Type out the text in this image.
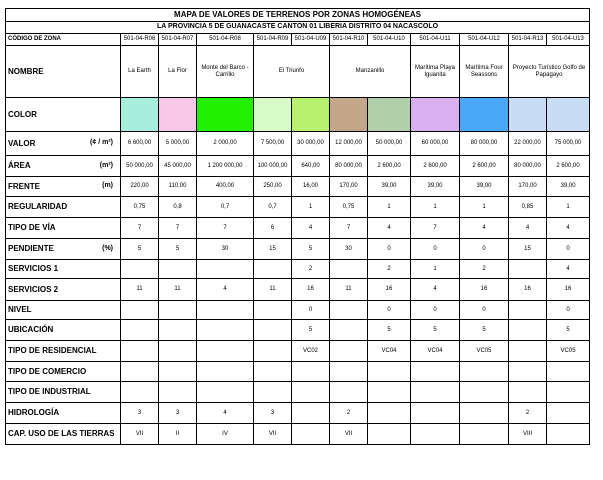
MAPA DE VALORES DE TERRENOS POR ZONAS HOMOGÉNEAS											
LA PROVINCIA 5 DE GUANACASTE CANTÓN 01 LIBERIA DISTRITO 04 NACASCOLO											
CÓDIGO DE ZONA	501-04-R06	501-04-R07	501-04-R08	501-04-R09	501-04-U09	501-04-R10	501-04-U10	501-04-U11	501-04-U12	501-04-R13	501-04-U13
NOMBRE	La Earth	La Flor	Monte del Barco - Carrillo	El Triunfo		Manzanillo		Marítima Playa Iguanita	Marítima Four Seassons	Proyecto Turístico Golfo de Papagayo	
COLOR											

VALOR (¢ / m²)	6 600,00	5 000,00	2 000,00	7 500,00	30 000,00	12 000,00	50 000,00	60 000,00	80 000,00	22 000,00	75 000,00

ÁREA (m²)	50 000,00	45 000,00	1 200 000,00	100 000,00	640,00	80 000,00	2 600,00	2 600,00	2 600,00	80 000,00	2 600,00

FRENTE (m)	220,00	110,00	400,00	250,00	16,00	170,00	39,00	39,00	39,00	170,00	39,00
REGULARIDAD	0,75	0,8	0,7	0,7	1	0,75	1	1	1	0,85	1
TIPO DE VÍA	7	7	7	6	4	7	4	7	4	4	4

PENDIENTE (%)	5	5	30	15	5	30	0	0	0	15	0
SERVICIOS 1					2		2	1	2		4
SERVICIOS 2	11	11	4	11	16	11	16	4	16	16	16
NIVEL					0		0	0	0		0
UBICACIÓN					5		5	5	5		5
TIPO DE RESIDENCIAL					VC02		VC04	VC04	VC05		VC05
TIPO DE COMERCIO											
TIPO DE INDUSTRIAL											
HIDROLOGÍA	3	3	4	3		2				2	
CAP. USO DE LAS TIERRAS	VII	II	IV	VII		VII				VIII	
